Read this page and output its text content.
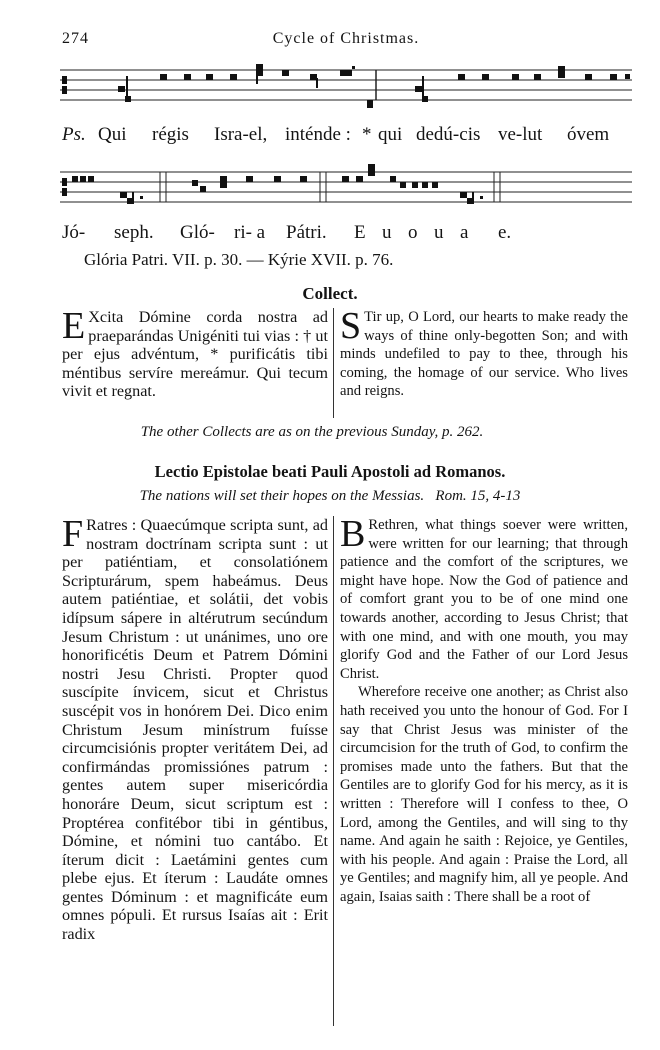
274	Cycle of Christmas.
Ps. Qui régis Isra-el, inténde : * qui dedú-cis ve-lut óvem
Jó- seph. Gló- ri- a Pátri. E u o u a e.
Glória Patri. VII. p. 30. — Kýrie XVII. p. 76.
Collect.

E Xcita Dómine corda nostra ad praeparándas Unigéniti tui vias : † ut per ejus advéntum, * purificátis tibi méntibus servíre mereámur. Qui tecum vivit et regnat.

S Tir up, O Lord, our hearts to make ready the ways of thine only-begotten Son; and with minds undefiled to pay to thee, through his coming, the homage of our service. Who lives and reigns.

The other Collects are as on the previous Sunday, p. 262.
Lectio Epistolae beati Pauli Apostoli ad Romanos.
The nations will set their hopes on the Messias. Rom. 15, 4-13

F Ratres : Quaecúmque scripta sunt, ad nostram doctrínam scripta sunt : ut per patiéntiam, et consolatiónem Scripturárum, spem habeámus. Deus autem patiéntiae, et solátii, det vobis idípsum sápere in altérutrum secúndum Jesum Christum : ut unánimes, uno ore honorificétis Deum et Patrem Dómini nostri Jesu Christi. Propter quod suscípite ínvicem, sicut et Christus suscépit vos in honórem Dei. Dico enim Christum Jesum minístrum fuísse circumcisiónis propter veritátem Dei, ad confirmándas promissiónes patrum : gentes autem super misericórdia honoráre Deum, sicut scriptum est : Proptérea confitébor tibi in géntibus, Dómine, et nómini tuo cantábo. Et íterum dicit : Laetámini gentes cum plebe ejus. Et íterum : Laudáte omnes gentes Dóminum : et magnificáte eum omnes pópuli. Et rursus Isaías ait : Erit radix

B Rethren, what things soever were written, were written for our learning; that through patience and the comfort of the scriptures, we might have hope. Now the God of patience and of comfort grant you to be of one mind one towards another, according to Jesus Christ; that with one mind, and with one mouth, you may glorify God and the Father of our Lord Jesus Christ.

Wherefore receive one another; as Christ also hath received you unto the honour of God. For I say that Christ Jesus was minister of the circumcision for the truth of God, to confirm the promises made unto the fathers. But that the Gentiles are to glorify God for his mercy, as it is written : Therefore will I confess to thee, O Lord, among the Gentiles, and will sing to thy name. And again he saith : Rejoice, ye Gentiles, with his people. And again : Praise the Lord, all ye Gentiles; and magnify him, all ye people. And again, Isaias saith : There shall be a root of
